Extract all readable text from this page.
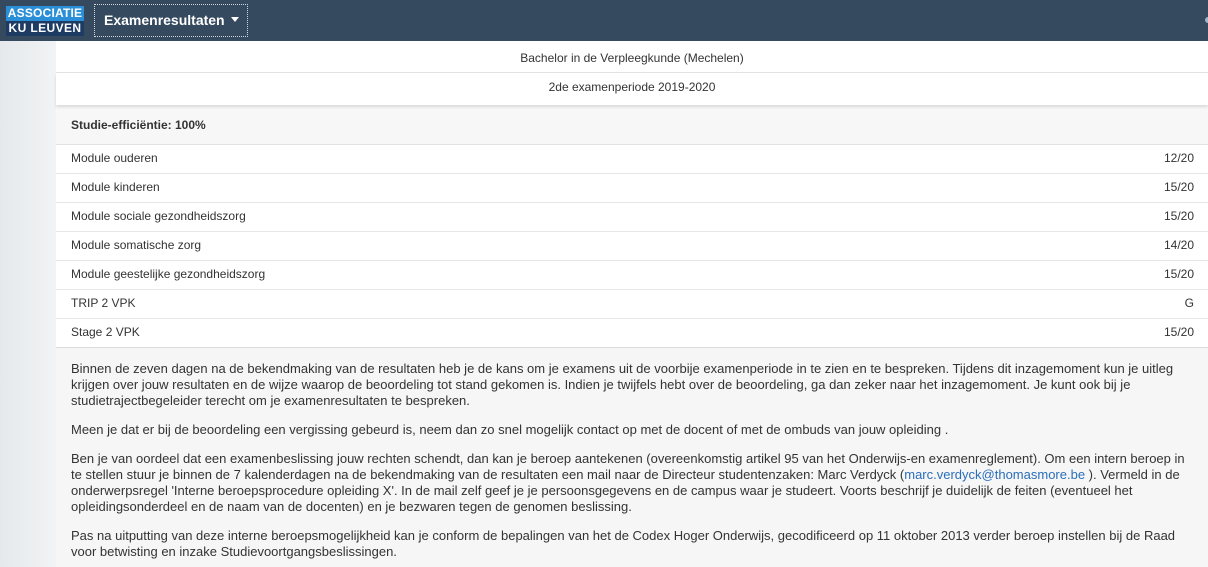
ASSOCIATIE
KU LEUVEN	Examenresultaten
Bachelor in de Verpleegkunde (Mechelen)
2de examenperiode 2019-2020
Studie-efficiëntie: 100%
Module ouderen	12/20
Module kinderen	15/20
Module sociale gezondheidszorg	15/20
Module somatische zorg	14/20
Module geestelijke gezondheidszorg	15/20
TRIP 2 VPK	G
Stage 2 VPK	15/20

Binnen de zeven dagen na de bekendmaking van de resultaten heb je de kans om je examens uit de voorbije examenperiode in te zien en te bespreken. Tijdens dit inzagemoment kun je uitleg krijgen over jouw resultaten en de wijze waarop de beoordeling tot stand gekomen is. Indien je twijfels hebt over de beoordeling, ga dan zeker naar het inzagemoment. Je kunt ook bij je studietrajectbegeleider terecht om je examenresultaten te bespreken.

Meen je dat er bij de beoordeling een vergissing gebeurd is, neem dan zo snel mogelijk contact op met de docent of met de ombuds van jouw opleiding .

Ben je van oordeel dat een examenbeslissing jouw rechten schendt, dan kan je beroep aantekenen (overeenkomstig artikel 95 van het Onderwijs-en examenreglement). Om een intern beroep in te stellen stuur je binnen de 7 kalenderdagen na de bekendmaking van de resultaten een mail naar de Directeur studentenzaken: Marc Verdyck (marc.verdyck@thomasmore.be ). Vermeld in de onderwerpsregel 'Interne beroepsprocedure opleiding X'. In de mail zelf geef je je persoonsgegevens en de campus waar je studeert. Voorts beschrijf je duidelijk de feiten (eventueel het opleidingsonderdeel en de naam van de docenten) en je bezwaren tegen de genomen beslissing.

Pas na uitputting van deze interne beroepsmogelijkheid kan je conform de bepalingen van het de Codex Hoger Onderwijs, gecodificeerd op 11 oktober 2013 verder beroep instellen bij de Raad voor betwisting en inzake Studievoortgangsbeslissingen.
